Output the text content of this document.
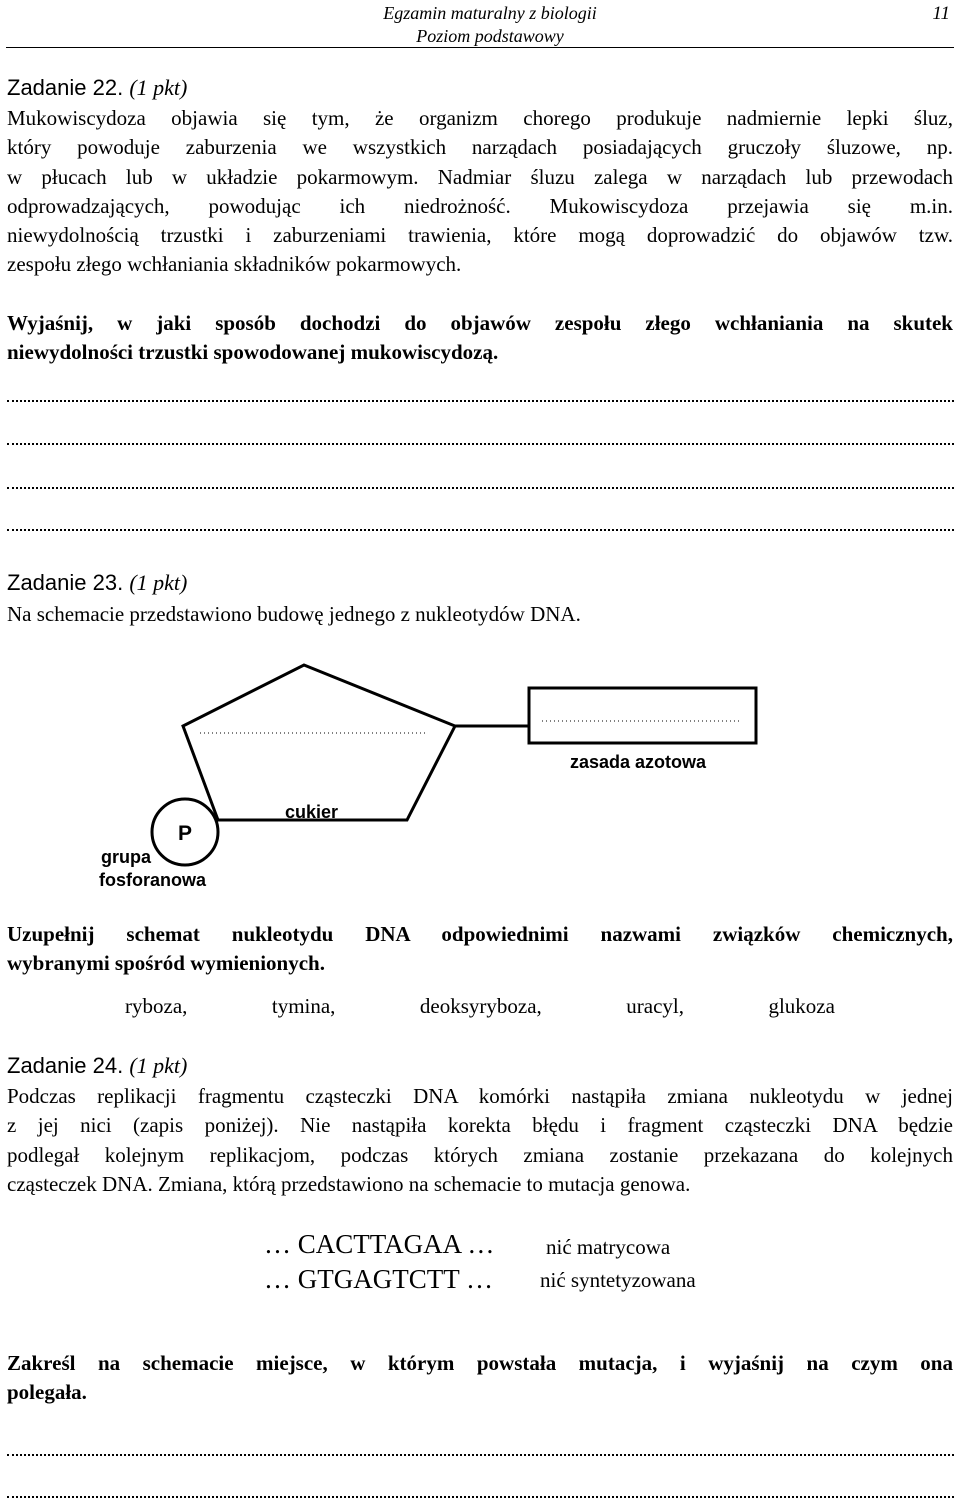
Egzamin maturalny z biologii
Poziom podstawowy
11
Zadanie 22. (1 pkt)
Mukowiscydoza objawia się tym, że organizm chorego produkuje nadmiernie lepki śluz,
który powoduje zaburzenia we wszystkich narządach posiadających gruczoły śluzowe, np.
w płucach lub w układzie pokarmowym. Nadmiar śluzu zalega w narządach lub przewodach
odprowadzających, powodując ich niedrożność. Mukowiscydoza przejawia się m.in.
niewydolnością trzustki i zaburzeniami trawienia, które mogą doprowadzić do objawów tzw.
zespołu złego wchłaniania składników pokarmowych.
Wyjaśnij, w jaki sposób dochodzi do objawów zespołu złego wchłaniania na skutek
niewydolności trzustki spowodowanej mukowiscydozą.
Zadanie 23. (1 pkt)
Na schemacie przedstawiono budowę jednego z nukleotydów DNA.
P
zasada azotowa
cukier
grupa
fosforanowa
Uzupełnij schemat nukleotydu DNA odpowiednimi nazwami związków chemicznych,
wybranymi spośród wymienionych.
ryboza,	tymina,	deoksyryboza,	uracyl,	glukoza
Zadanie 24. (1 pkt)
Podczas replikacji fragmentu cząsteczki DNA komórki nastąpiła zmiana nukleotydu w jednej
z jej nici (zapis poniżej). Nie nastąpiła korekta błędu i fragment cząsteczki DNA będzie
podlegał kolejnym replikacjom, podczas których zmiana zostanie przekazana do kolejnych
cząsteczek DNA. Zmiana, którą przedstawiono na schemacie to mutacja genowa.
… CACTTAGAA … nić matrycowa
… GTGAGTCTT … nić syntetyzowana
Zakreśl na schemacie miejsce, w którym powstała mutacja, i wyjaśnij na czym ona
polegała.
